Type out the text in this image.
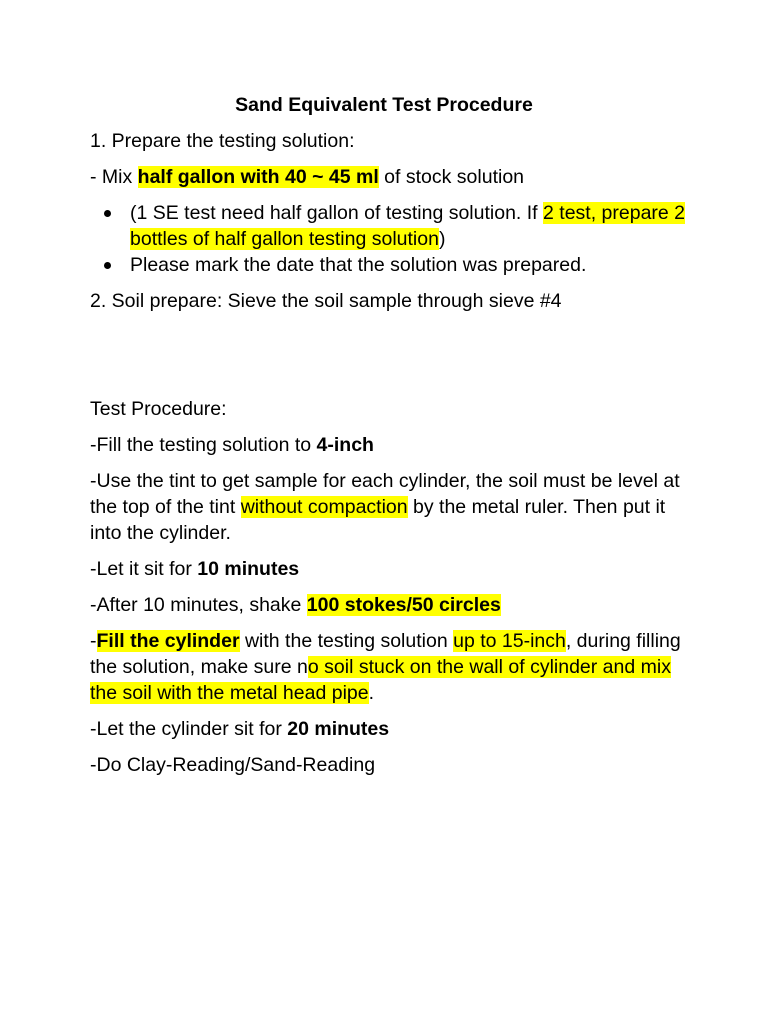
Sand Equivalent Test Procedure

1. Prepare the testing solution:

- Mix half gallon with 40 ~ 45 ml of stock solution

(1 SE test need half gallon of testing solution. If 2 test, prepare 2 bottles of half gallon testing solution)
Please mark the date that the solution was prepared.

2. Soil prepare: Sieve the soil sample through sieve #4

Test Procedure:

-Fill the testing solution to 4-inch

-Use the tint to get sample for each cylinder, the soil must be level at the top of the tint without compaction by the metal ruler. Then put it into the cylinder.

-Let it sit for 10 minutes

-After 10 minutes, shake 100 stokes/50 circles

-Fill the cylinder with the testing solution up to 15-inch, during filling the solution, make sure no soil stuck on the wall of cylinder and mix the soil with the metal head pipe.

-Let the cylinder sit for 20 minutes

-Do Clay-Reading/Sand-Reading
